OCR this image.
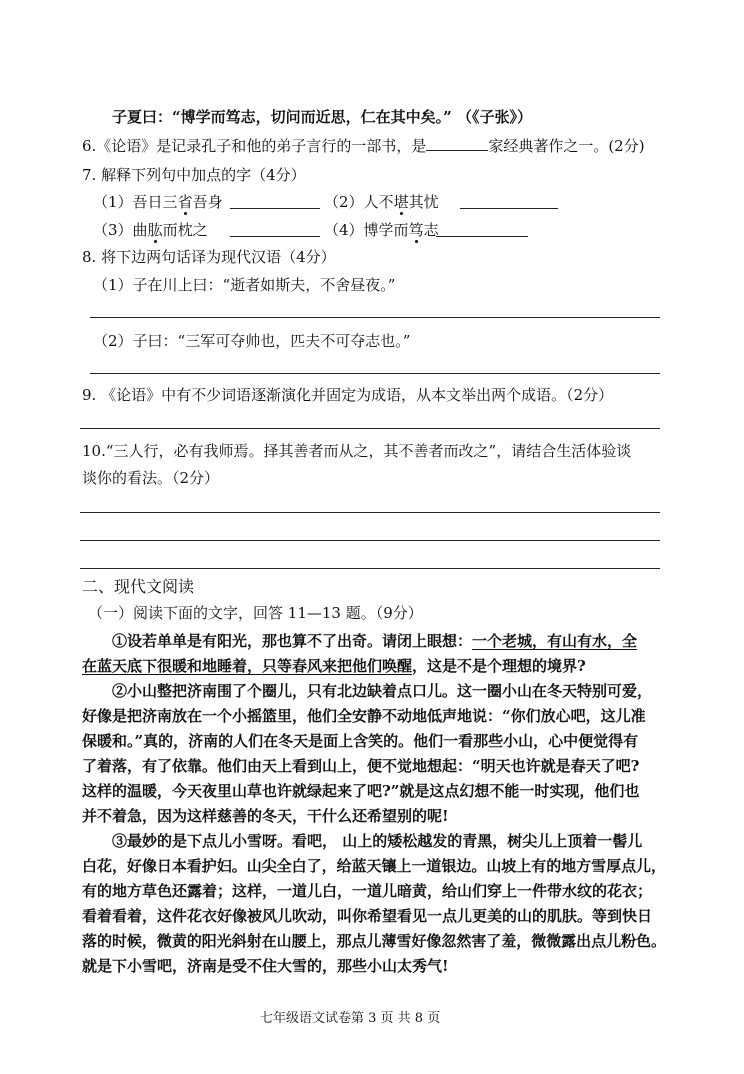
子夏曰：“博学而笃志，切问而近思，仁在其中矣。” （《子张》）
6.《论语》是记录孔子和他的弟子言行的一部书，是	家经典著作之一。(2分)
7. 解释下列句中加点的字（4分）
（1）吾日三省吾身	（2）人不堪其忧
（3）曲肱而枕之	（4）博学而笃志
8. 将下边两句话译为现代汉语（4分）
（1）子在川上曰：“逝者如斯夫，不舍昼夜。”
（2）子曰：“三军可夺帅也，匹夫不可夺志也。”
9. 《论语》中有不少词语逐渐演化并固定为成语，从本文举出两个成语。（2分）
10.“三人行，必有我师焉。择其善者而从之，其不善者而改之”，请结合生活体验谈
谈你的看法。（2分）
二、现代文阅读
（一）阅读下面的文字，回答 11—13 题。（9分）
①设若单单是有阳光，那也算不了出奇。请闭上眼想：一个老城，有山有水，全
在蓝天底下很暖和地睡着，只等春风来把他们唤醒，这是不是个理想的境界?
②小山整把济南围了个圈儿，只有北边缺着点口儿。这一圈小山在冬天特别可爱，
好像是把济南放在一个小摇篮里，他们全安静不动地低声地说：“你们放心吧，这儿准
保暖和。”真的，济南的人们在冬天是面上含笑的。他们一看那些小山，心中便觉得有
了着落，有了依靠。他们由天上看到山上，便不觉地想起：“明天也许就是春天了吧?
这样的温暖，今天夜里山草也许就绿起来了吧?”就是这点幻想不能一时实现，他们也
并不着急，因为这样慈善的冬天，干什么还希望别的呢!
③最妙的是下点儿小雪呀。看吧， 山上的矮松越发的青黑，树尖儿上顶着一髻儿
白花，好像日本看护妇。山尖全白了，给蓝天镶上一道银边。山坡上有的地方雪厚点儿，
有的地方草色还露着；这样，一道儿白，一道儿暗黄，给山们穿上一件带水纹的花衣；
看着看着，这件花衣好像被风儿吹动，叫你希望看见一点儿更美的山的肌肤。等到快日
落的时候，微黄的阳光斜射在山腰上，那点儿薄雪好像忽然害了羞，微微露出点儿粉色。
就是下小雪吧，济南是受不住大雪的，那些小山太秀气!
七年级语文试卷第 3 页 共 8 页
